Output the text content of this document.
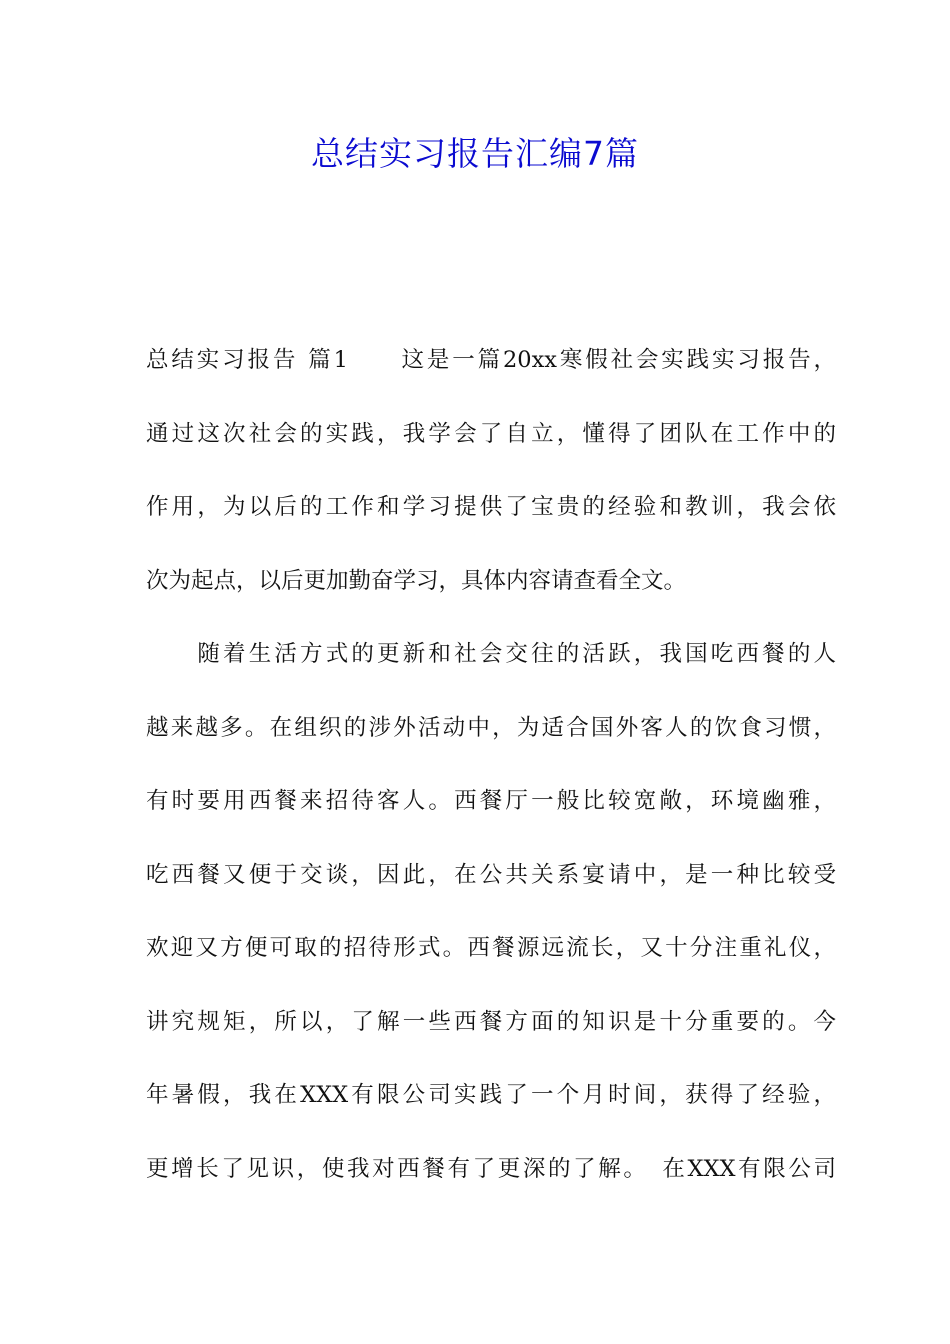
总结实习报告汇编7篇
总结实习报告 篇1　　这是一篇20xx寒假社会实践实习报告，
通过这次社会的实践，我学会了自立，懂得了团队在工作中的
作用，为以后的工作和学习提供了宝贵的经验和教训，我会依
次为起点，以后更加勤奋学习，具体内容请查看全文。
　　随着生活方式的更新和社会交往的活跃，我国吃西餐的人
越来越多。在组织的涉外活动中，为适合国外客人的饮食习惯，
有时要用西餐来招待客人。西餐厅一般比较宽敞，环境幽雅，
吃西餐又便于交谈，因此，在公共关系宴请中，是一种比较受
欢迎又方便可取的招待形式。西餐源远流长，又十分注重礼仪，
讲究规矩，所以，了解一些西餐方面的知识是十分重要的。今
年暑假，我在XXX有限公司实践了一个月时间，获得了经验，
更增长了见识，使我对西餐有了更深的了解。　在XXX有限公司
